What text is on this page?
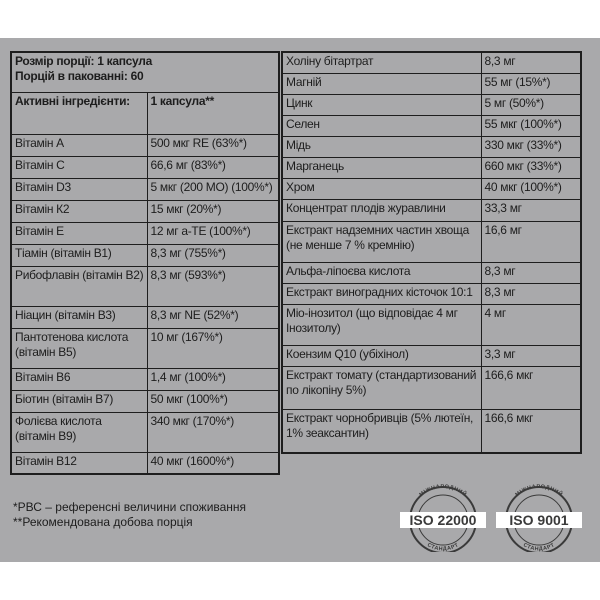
Розмір порції: 1 капсула
Порцій в пакованні: 60	

Активні інгредієнти:	1 капсула**
Вітамін А	500 мкг RE (63%*)
Вітамін С	66,6 мг (83%*)
Вітамін D3	5 мкг (200 МО) (100%*)
Вітамін К2	15 мкг (20%*)
Вітамін Е	12 мг a-TE (100%*)
Тіамін (вітамін В1)	8,3 мг (755%*)
Рибофлавін (вітамін В2)	8,3 мг (593%*)
Ніацин (вітамін В3)	8,3 мг NE (52%*)
Пантотенова кислота (вітамін В5)	10 мг (167%*)
Вітамін В6	1,4 мг (100%*)
Біотин (вітамін В7)	50 мкг (100%*)
Фолієва кислота (вітамін В9)	340 мкг (170%*)
Вітамін В12	40 мкг (1600%*)
Холіну бітартрат	8,3 мг
Магній	55 мг (15%*)
Цинк	5 мг (50%*)
Селен	55 мкг (100%*)
Мідь	330 мкг (33%*)
Марганець	660 мкг (33%*)
Хром	40 мкг (100%*)
Концентрат плодів журавлини	33,3 мг
Екстракт надземних частин хвоща (не менше 7 % кремнію)	16,6 мг
Альфа-ліпоєва кислота	8,3 мг
Екстракт виноградних кісточок 10:1	8,3 мг
Міо-інозитол (що відповідає 4 мг Інозитолу)	4 мг
Коензим Q10 (убіхінол)	3,3 мг
Екстракт томату (стандартизований по лікопіну 5%)	166,6 мкг
Екстракт чорнобривців (5% лютеїн, 1% зеаксантин)	166,6 мкг
*РВС – референсні величини споживання
**Рекомендована добова порція
МІЖНАРОДНИЙ
СТАНДАРТ
ISO 22000
МІЖНАРОДНИЙ
СТАНДАРТ
ISO 9001
